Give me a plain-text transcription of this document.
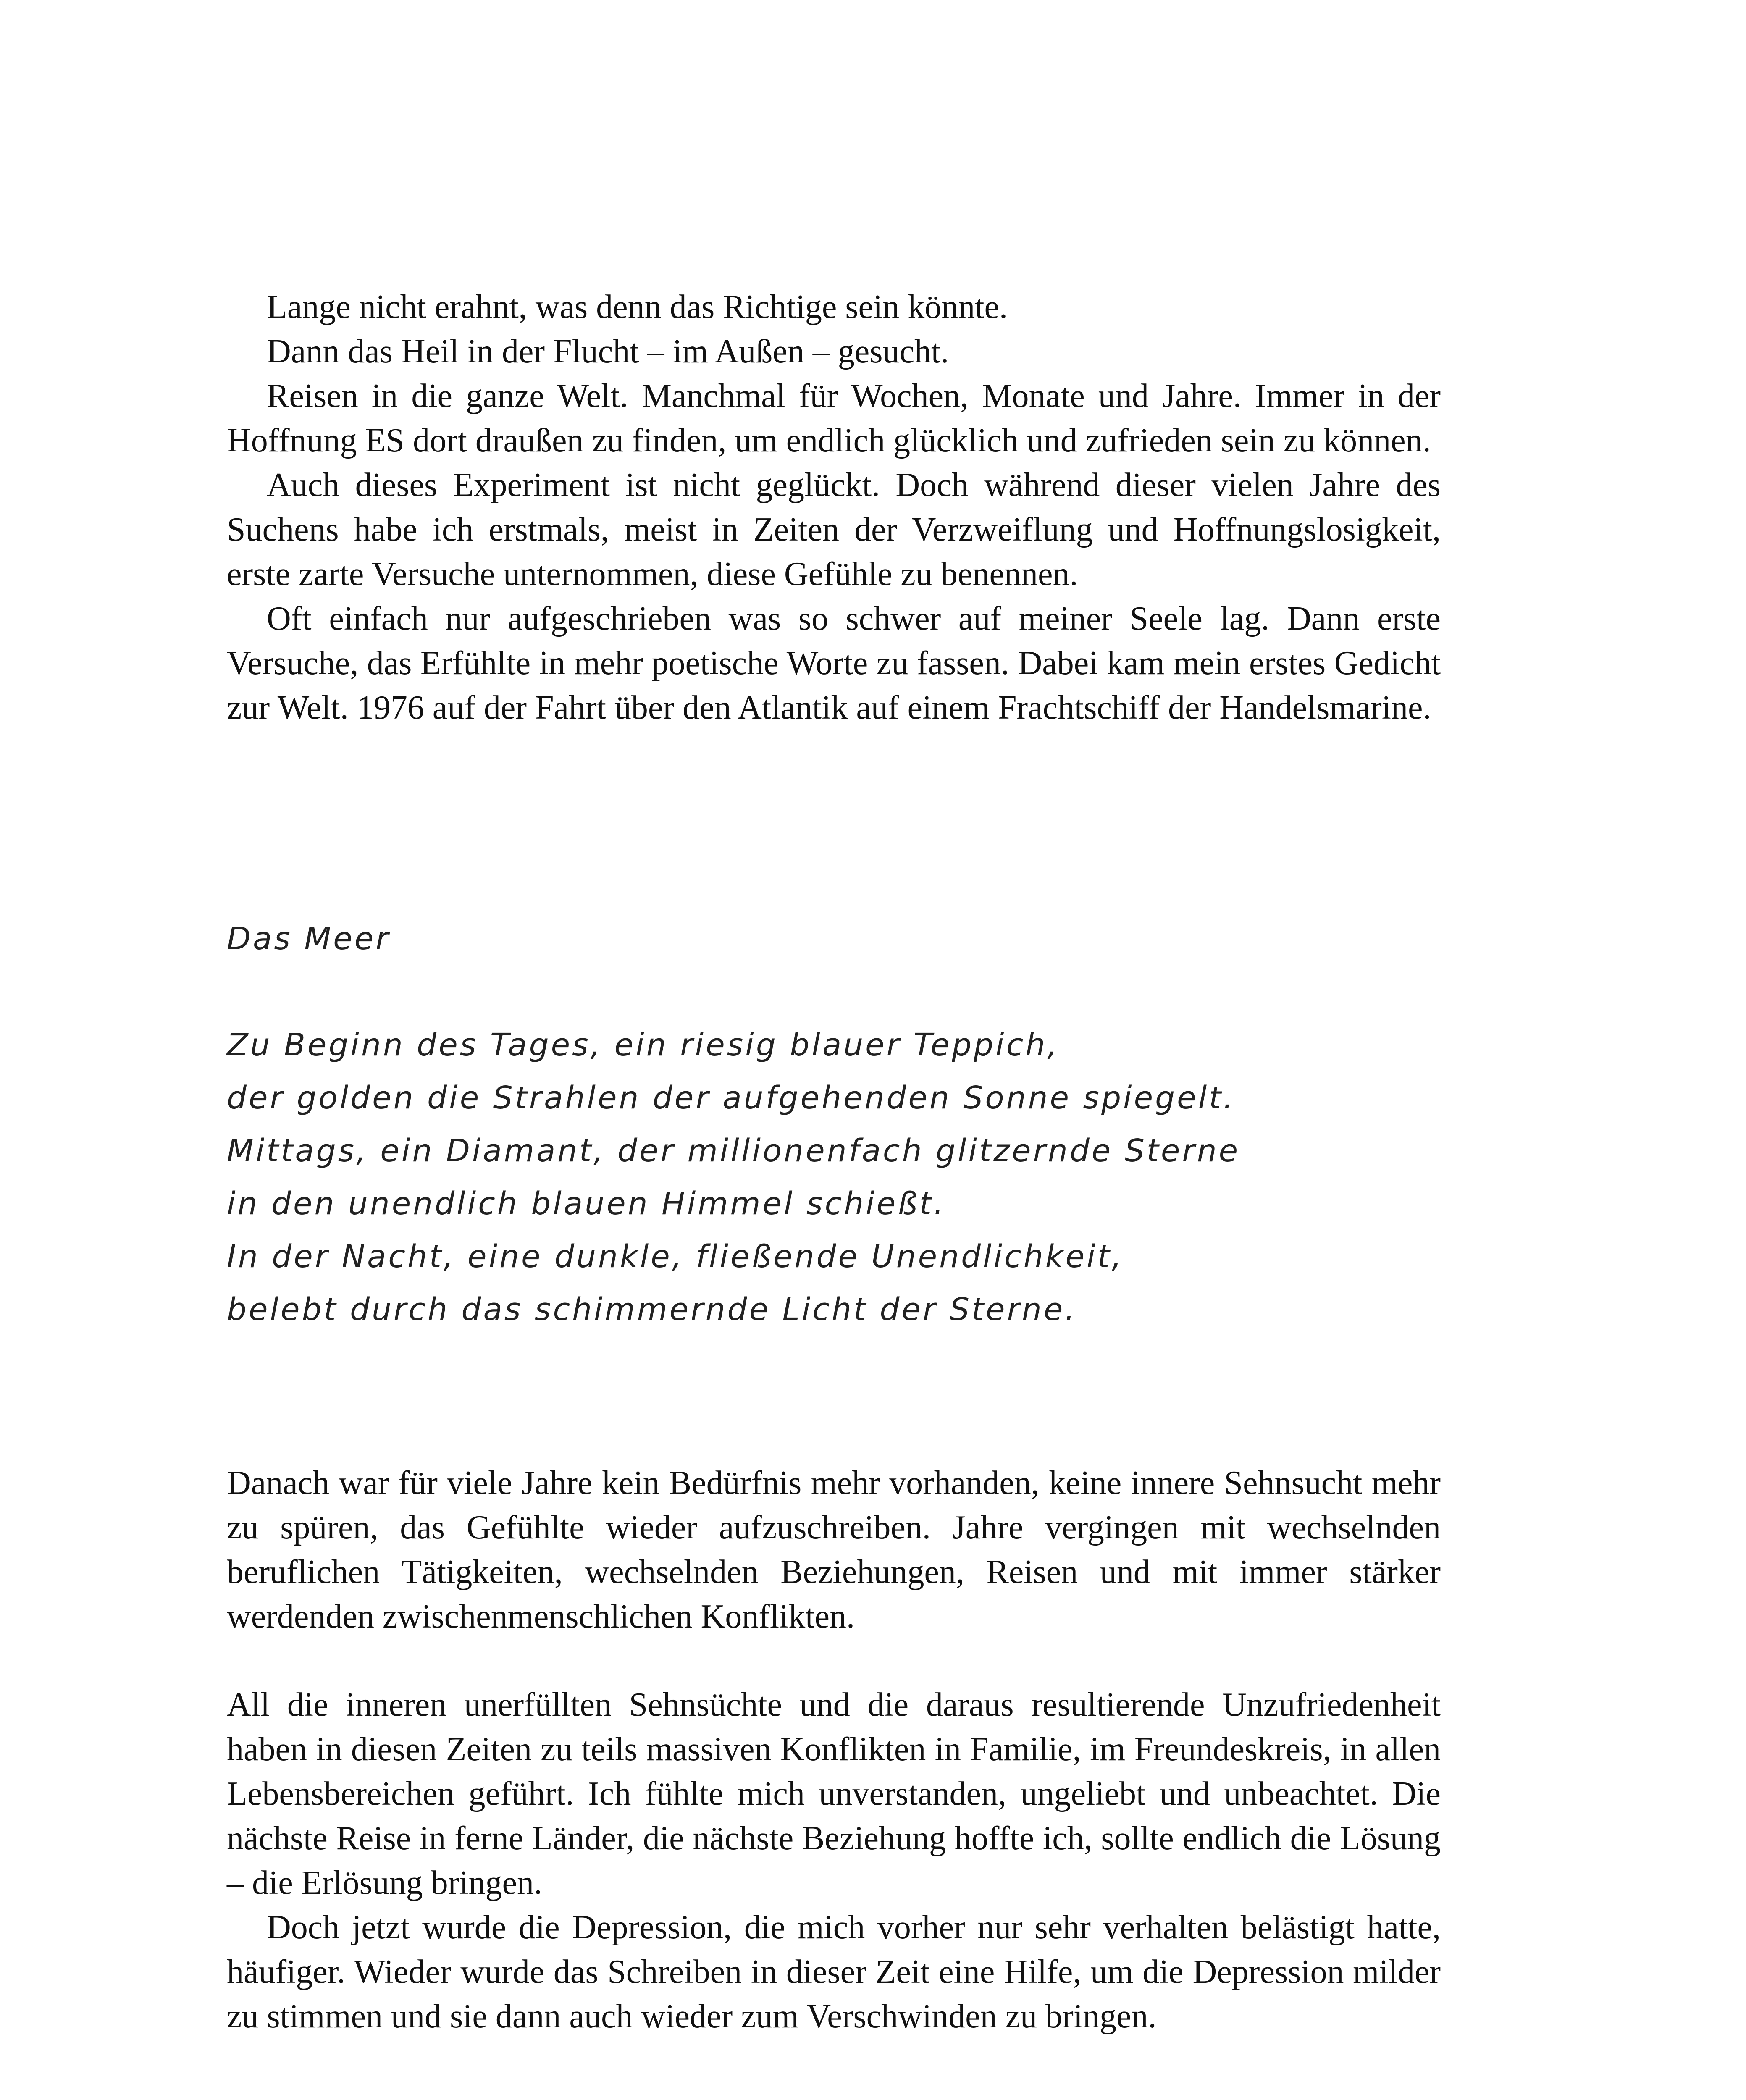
Lange nicht erahnt, was denn das Richtige sein könnte.

Dann das Heil in der Flucht – im Außen – gesucht.

Reisen in die ganze Welt. Manchmal für Wochen, Monate und Jahre. Immer in der Hoffnung ES dort draußen zu finden, um endlich glücklich und zufrieden sein zu können.

Auch dieses Experiment ist nicht geglückt. Doch während dieser vielen Jahre des Suchens habe ich erstmals, meist in Zeiten der Verzweiflung und Hoffnungslosigkeit, erste zarte Versuche unternommen, diese Gefühle zu benennen.

Oft einfach nur aufgeschrieben was so schwer auf meiner Seele lag. Dann erste Versuche, das Erfühlte in mehr poetische Worte zu fassen. Dabei kam mein erstes Gedicht zur Welt. 1976 auf der Fahrt über den Atlantik auf einem Frachtschiff der Handelsmarine.

Das Meer

Zu Beginn des Tages, ein riesig blauer Teppich,

der golden die Strahlen der aufgehenden Sonne spiegelt.

Mittags, ein Diamant, der millionenfach glitzernde Sterne

in den unendlich blauen Himmel schießt.

In der Nacht, eine dunkle, fließende Unendlichkeit,

belebt durch das schimmernde Licht der Sterne.

Danach war für viele Jahre kein Bedürfnis mehr vorhanden, keine innere Sehnsucht mehr zu spüren, das Gefühlte wieder aufzuschreiben. Jahre vergingen mit wechselnden beruflichen Tätigkeiten, wechselnden Beziehungen, Reisen und mit immer stärker werdenden zwischenmenschlichen Konflikten.

All die inneren unerfüllten Sehnsüchte und die daraus resultierende Unzufriedenheit haben in diesen Zeiten zu teils massiven Konflikten in Familie, im Freundeskreis, in allen Lebensbereichen geführt. Ich fühlte mich unverstanden, ungeliebt und unbeachtet. Die nächste Reise in ferne Länder, die nächste Beziehung hoffte ich, sollte endlich die Lösung – die Erlösung bringen.

Doch jetzt wurde die Depression, die mich vorher nur sehr verhalten belästigt hatte, häufiger. Wieder wurde das Schreiben in dieser Zeit eine Hilfe, um die Depression milder zu stimmen und sie dann auch wieder zum Verschwinden zu bringen.
